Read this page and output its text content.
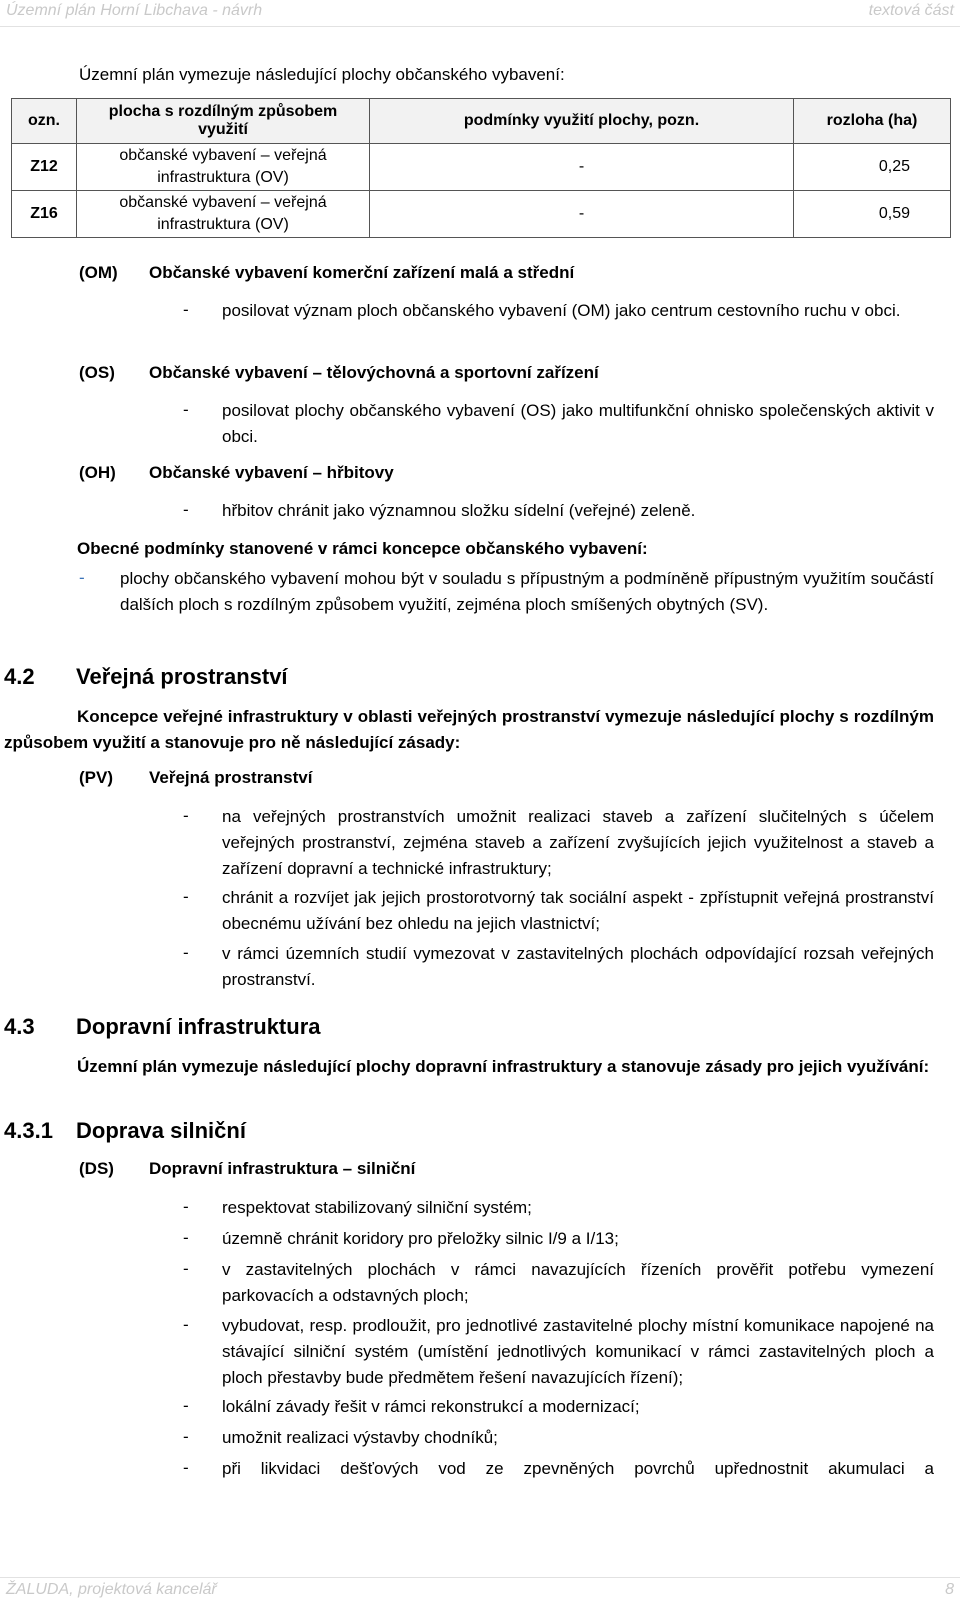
Územní plán Horní Libchava - návrh	textová část
Územní plán vymezuje následující plochy občanského vybavení:
ozn.	plocha s rozdílným způsobem využití	podmínky využití plochy, pozn.	rozloha (ha)
Z12	občanské vybavení – veřejná infrastruktura (OV)	-	0,25
Z16	občanské vybavení – veřejná infrastruktura (OV)	-	0,59
(OM) Občanské vybavení komerční zařízení malá a střední
- posilovat význam ploch občanského vybavení (OM) jako centrum cestovního ruchu v obci.
(OS) Občanské vybavení – tělovýchovná a sportovní zařízení
- posilovat plochy občanského vybavení (OS) jako multifunkční ohnisko společenských aktivit v obci.
(OH) Občanské vybavení – hřbitovy
- hřbitov chránit jako významnou složku sídelní (veřejné) zeleně.
Obecné podmínky stanovené v rámci koncepce občanského vybavení:
- plochy občanského vybavení mohou být v souladu s přípustným a podmíněně přípustným využitím součástí dalších ploch s rozdílným způsobem využití, zejména ploch smíšených obytných (SV).
4.2 Veřejná prostranství
Koncepce veřejné infrastruktury v oblasti veřejných prostranství vymezuje následující plochy s rozdílným způsobem využití a stanovuje pro ně následující zásady:
(PV) Veřejná prostranství
- na veřejných prostranstvích umožnit realizaci staveb a zařízení slučitelných s účelem veřejných prostranství, zejména staveb a zařízení zvyšujících jejich využitelnost a staveb a zařízení dopravní a technické infrastruktury;
- chránit a rozvíjet jak jejich prostorotvorný tak sociální aspekt - zpřístupnit veřejná prostranství obecnému užívání bez ohledu na jejich vlastnictví;
- v rámci územních studií vymezovat v zastavitelných plochách odpovídající rozsah veřejných prostranství.
4.3 Dopravní infrastruktura
Územní plán vymezuje následující plochy dopravní infrastruktury a stanovuje zásady pro jejich využívání:
4.3.1 Doprava silniční
(DS) Dopravní infrastruktura – silniční
- respektovat stabilizovaný silniční systém;
- územně chránit koridory pro přeložky silnic I/9 a I/13;
- v zastavitelných plochách v rámci navazujících řízeních prověřit potřebu vymezení parkovacích a odstavných ploch;
- vybudovat, resp. prodloužit, pro jednotlivé zastavitelné plochy místní komunikace napojené na stávající silniční systém (umístění jednotlivých komunikací v rámci zastavitelných ploch a ploch přestavby bude předmětem řešení navazujících řízení);
- lokální závady řešit v rámci rekonstrukcí a modernizací;
- umožnit realizaci výstavby chodníků;
- při likvidaci dešťových vod ze zpevněných povrchů upřednostnit akumulaci a
ŽALUDA, projektová kancelář	8
